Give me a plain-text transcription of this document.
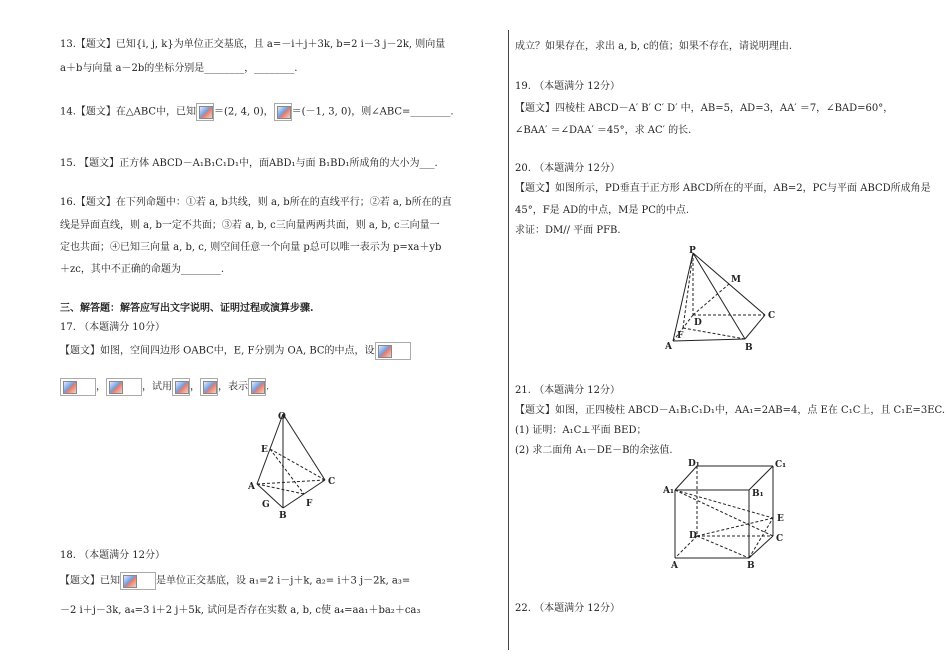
13.【题文】已知{i, j, k}为单位正交基底，且 a=－i＋j＋3k, b=2 i－3 j－2k, 则向量
a＋b与向量 a－2b的坐标分别是________，________.
14.【题文】在△ABC中，已知 ＝(2, 4, 0)， ＝(－1, 3, 0)，则∠ABC=________.
15. 【题文】正方体 ABCD－A₁B₁C₁D₁中，面ABD₁与面 B₁BD₁所成角的大小为___.
16.【题文】在下列命题中：①若 a, b共线，则 a, b所在的直线平行；②若 a, b所在的直
线是异面直线，则 a, b一定不共面；③若 a, b, c三向量两两共面，则 a, b, c三向量一
定也共面；④已知三向量 a, b, c, 则空间任意一个向量 p总可以唯一表示为 p=xa＋yb
＋zc，其中不正确的命题为________.
三、解答题：解答应写出文字说明、证明过程或演算步骤.
17. （本题满分 10分）
【题文】如图，空间四边形 OABC中，E, F分别为 OA, BC的中点，设
，	，试用 ， ，表示 .
O
E
A	C
G
B
F
18. （本题满分 12分）
【题文】已知	是单位正交基底，设 a₁=2 i－j＋k, a₂= i＋3 j－2k, a₃=
－2 i＋j－3k, a₄=3 i＋2 j＋5k, 试问是否存在实数 a, b, c使 a₄=aa₁＋ba₂＋ca₃
成立？如果存在，求出 a, b, c的值；如果不存在，请说明理由.
19. （本题满分 12分）
【题文】四棱柱 ABCD－A′ B′ C′ D′ 中，AB=5，AD=3，AA′ ＝7，∠BAD=60°，
∠BAA′ ＝∠DAA′ ＝45°，求 AC′ 的长.
20. （本题满分 12分）
【题文】如图所示，PD垂直于正方形 ABCD所在的平面，AB=2，PC与平面 ABCD所成角是
45°，F是 AD的中点，M是 PC的中点.
求证：DM// 平面 PFB.
P
M
D
F
C
A	B
21. （本题满分 12分）
【题文】如图，正四棱柱 ABCD－A₁B₁C₁D₁中，AA₁=2AB=4，点 E在 C₁C上，且 C₁E=3EC.
(1) 证明：A₁C⊥平面 BED；
(2) 求二面角 A₁－DE－B的余弦值.
D₁	C₁
A₁	B₁
E
D	C
A	B
22. （本题满分 12分）
